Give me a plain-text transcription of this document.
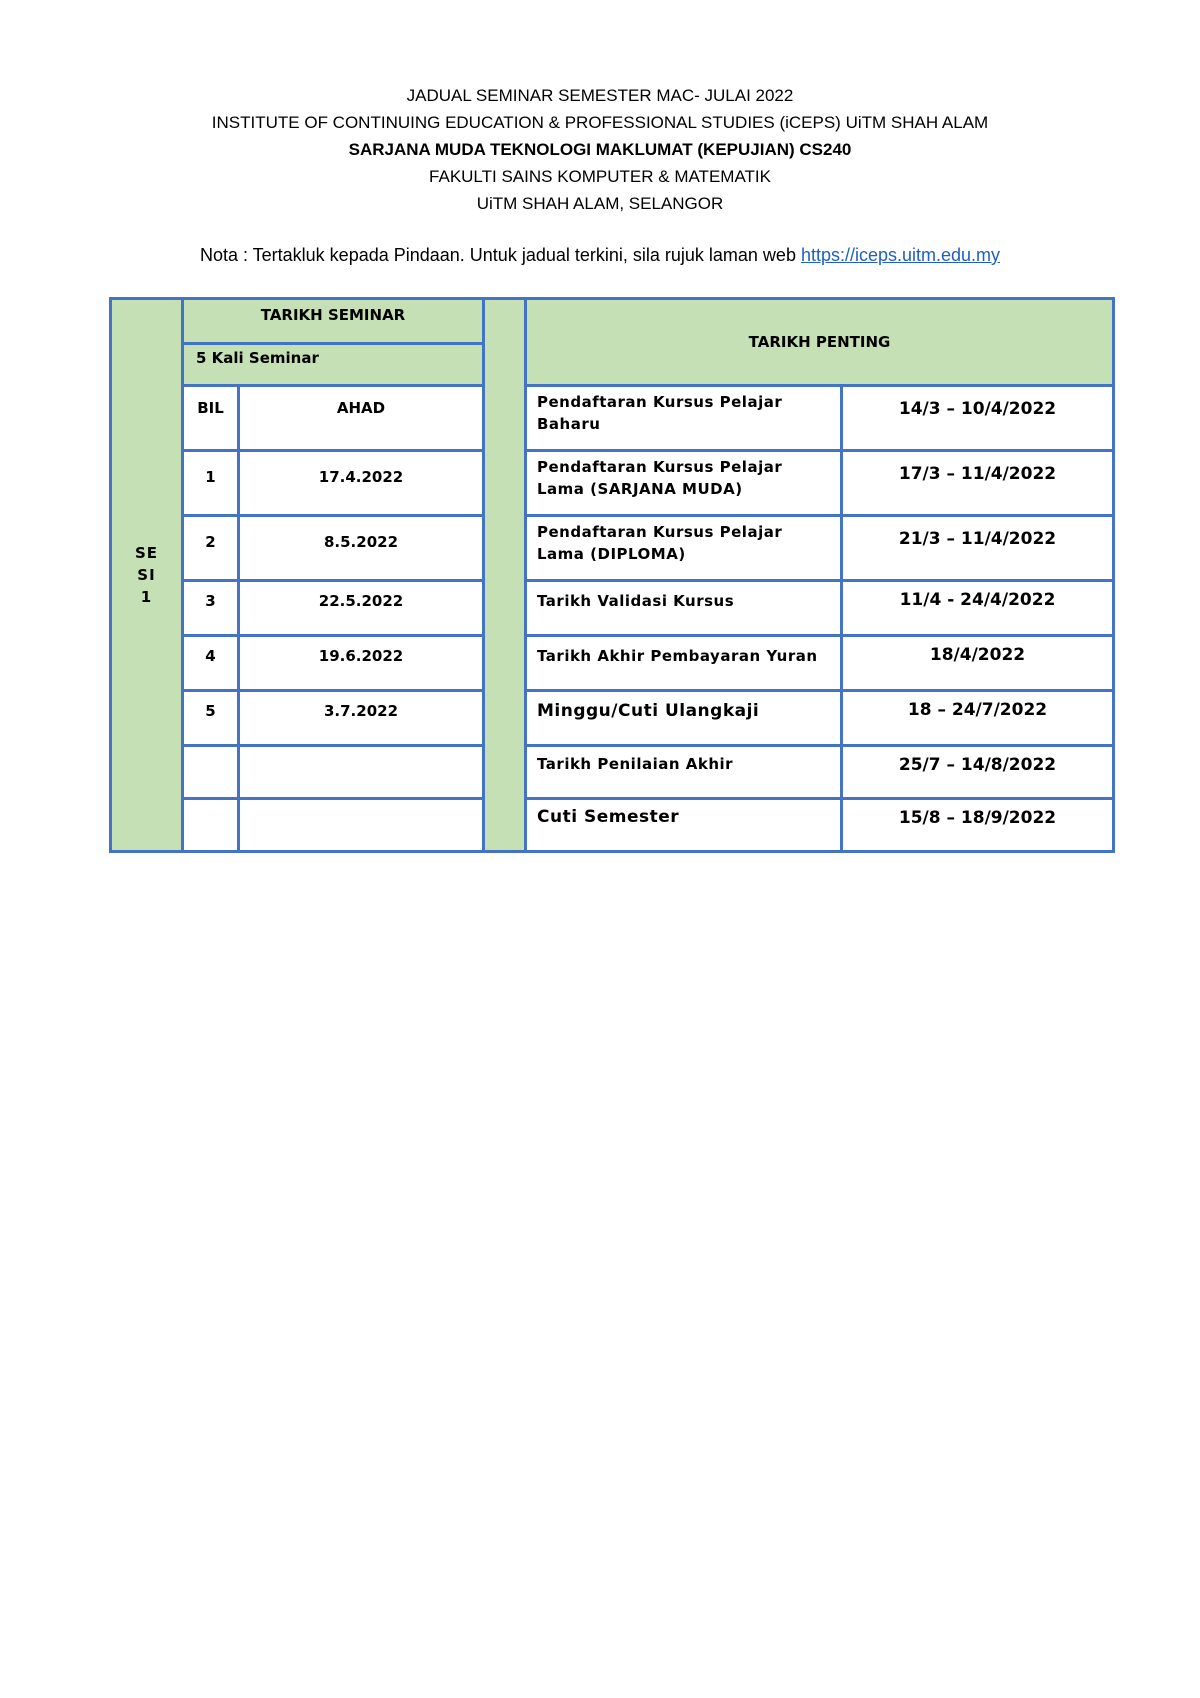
JADUAL SEMINAR SEMESTER MAC- JULAI 2022
INSTITUTE OF CONTINUING EDUCATION & PROFESSIONAL STUDIES (iCEPS) UiTM SHAH ALAM
SARJANA MUDA TEKNOLOGI MAKLUMAT (KEPUJIAN) CS240
FAKULTI SAINS KOMPUTER & MATEMATIK
UiTM SHAH ALAM, SELANGOR
Nota : Tertakluk kepada Pindaan. Untuk jadual terkini, sila rujuk laman web https://iceps.uitm.edu.my
SE
SI
1	TARIKH SEMINAR			TARIKH PENTING	
	5 Kali Seminar				
	BIL	AHAD		Pendaftaran Kursus Pelajar Baharu	14/3 – 10/4/2022
	1	17.4.2022		Pendaftaran Kursus Pelajar Lama (SARJANA MUDA)	17/3 – 11/4/2022
	2	8.5.2022		Pendaftaran Kursus Pelajar Lama (DIPLOMA)	21/3 – 11/4/2022
	3	22.5.2022		Tarikh Validasi Kursus	11/4 - 24/4/2022
	4	19.6.2022		Tarikh Akhir Pembayaran Yuran	18/4/2022
	5	3.7.2022		Minggu/Cuti Ulangkaji	18 – 24/7/2022
				Tarikh Penilaian Akhir	25/7 – 14/8/2022
				Cuti Semester	15/8 – 18/9/2022
